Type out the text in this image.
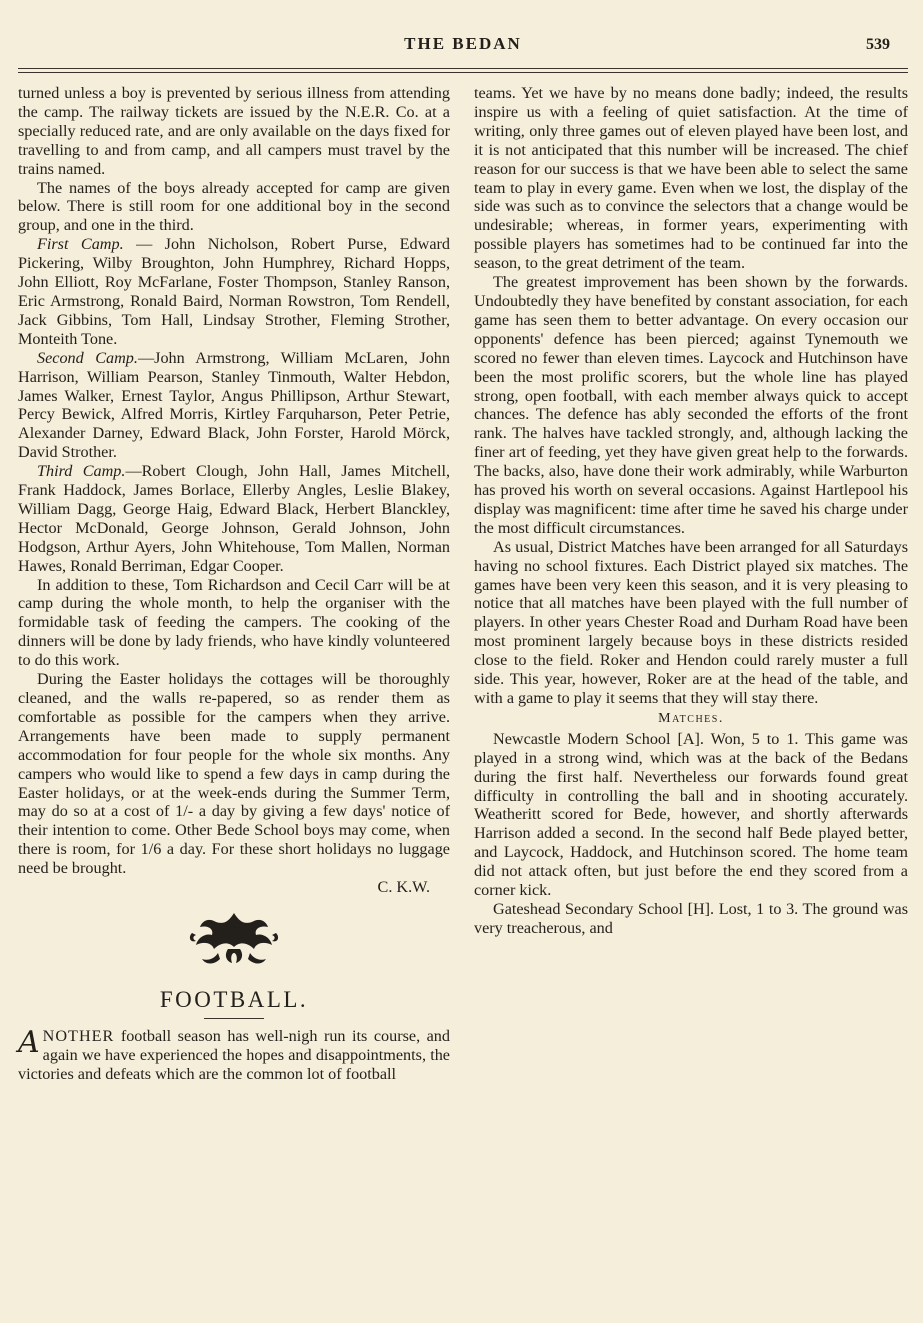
THE BEDAN	539

turned unless a boy is prevented by serious illness from attending the camp. The railway tickets are issued by the N.E.R. Co. at a specially reduced rate, and are only available on the days fixed for travelling to and from camp, and all campers must travel by the trains named.

The names of the boys already accepted for camp are given below. There is still room for one additional boy in the second group, and one in the third.

First Camp. — John Nicholson, Robert Purse, Edward Pickering, Wilby Broughton, John Humphrey, Richard Hopps, John Elliott, Roy McFarlane, Foster Thompson, Stanley Ranson, Eric Armstrong, Ronald Baird, Norman Rowstron, Tom Rendell, Jack Gibbins, Tom Hall, Lindsay Strother, Fleming Strother, Monteith Tone.

Second Camp.—John Armstrong, William McLaren, John Harrison, William Pearson, Stanley Tinmouth, Walter Hebdon, James Walker, Ernest Taylor, Angus Phillipson, Arthur Stewart, Percy Bewick, Alfred Morris, Kirtley Farquharson, Peter Petrie, Alexander Darney, Edward Black, John Forster, Harold Mörck, David Strother.

Third Camp.—Robert Clough, John Hall, James Mitchell, Frank Haddock, James Borlace, Ellerby Angles, Leslie Blakey, William Dagg, George Haig, Edward Black, Herbert Blanckley, Hector McDonald, George Johnson, Gerald Johnson, John Hodgson, Arthur Ayers, John Whitehouse, Tom Mallen, Norman Hawes, Ronald Berriman, Edgar Cooper.

In addition to these, Tom Richardson and Cecil Carr will be at camp during the whole month, to help the organiser with the formidable task of feeding the campers. The cooking of the dinners will be done by lady friends, who have kindly volunteered to do this work.

During the Easter holidays the cottages will be thoroughly cleaned, and the walls re-papered, so as render them as comfortable as possible for the campers when they arrive. Arrangements have been made to supply permanent accommodation for four people for the whole six months. Any campers who would like to spend a few days in camp during the Easter holidays, or at the week-ends during the Summer Term, may do so at a cost of 1/- a day by giving a few days' notice of their intention to come. Other Bede School boys may come, when there is room, for 1/6 a day. For these short holidays no luggage need be brought.

C. K.W.

FOOTBALL.

ANOTHER football season has well-nigh run its course, and again we have experienced the hopes and disappointments, the victories and defeats which are the common lot of football

teams. Yet we have by no means done badly; indeed, the results inspire us with a feeling of quiet satisfaction. At the time of writing, only three games out of eleven played have been lost, and it is not anticipated that this number will be increased. The chief reason for our success is that we have been able to select the same team to play in every game. Even when we lost, the display of the side was such as to convince the selectors that a change would be undesirable; whereas, in former years, experimenting with possible players has sometimes had to be continued far into the season, to the great detriment of the team.

The greatest improvement has been shown by the forwards. Undoubtedly they have benefited by constant association, for each game has seen them to better advantage. On every occasion our opponents' defence has been pierced; against Tynemouth we scored no fewer than eleven times. Laycock and Hutchinson have been the most prolific scorers, but the whole line has played strong, open football, with each member always quick to accept chances. The defence has ably seconded the efforts of the front rank. The halves have tackled strongly, and, although lacking the finer art of feeding, yet they have given great help to the forwards. The backs, also, have done their work admirably, while Warburton has proved his worth on several occasions. Against Hartlepool his display was magnificent: time after time he saved his charge under the most difficult circumstances.

As usual, District Matches have been arranged for all Saturdays having no school fixtures. Each District played six matches. The games have been very keen this season, and it is very pleasing to notice that all matches have been played with the full number of players. In other years Chester Road and Durham Road have been most prominent largely because boys in these districts resided close to the field. Roker and Hendon could rarely muster a full side. This year, however, Roker are at the head of the table, and with a game to play it seems that they will stay there.

Matches.

Newcastle Modern School [A]. Won, 5 to 1. This game was played in a strong wind, which was at the back of the Bedans during the first half. Nevertheless our forwards found great difficulty in controlling the ball and in shooting accurately. Weatheritt scored for Bede, however, and shortly afterwards Harrison added a second. In the second half Bede played better, and Laycock, Haddock, and Hutchinson scored. The home team did not attack often, but just before the end they scored from a corner kick.

Gateshead Secondary School [H]. Lost, 1 to 3. The ground was very treacherous, and
